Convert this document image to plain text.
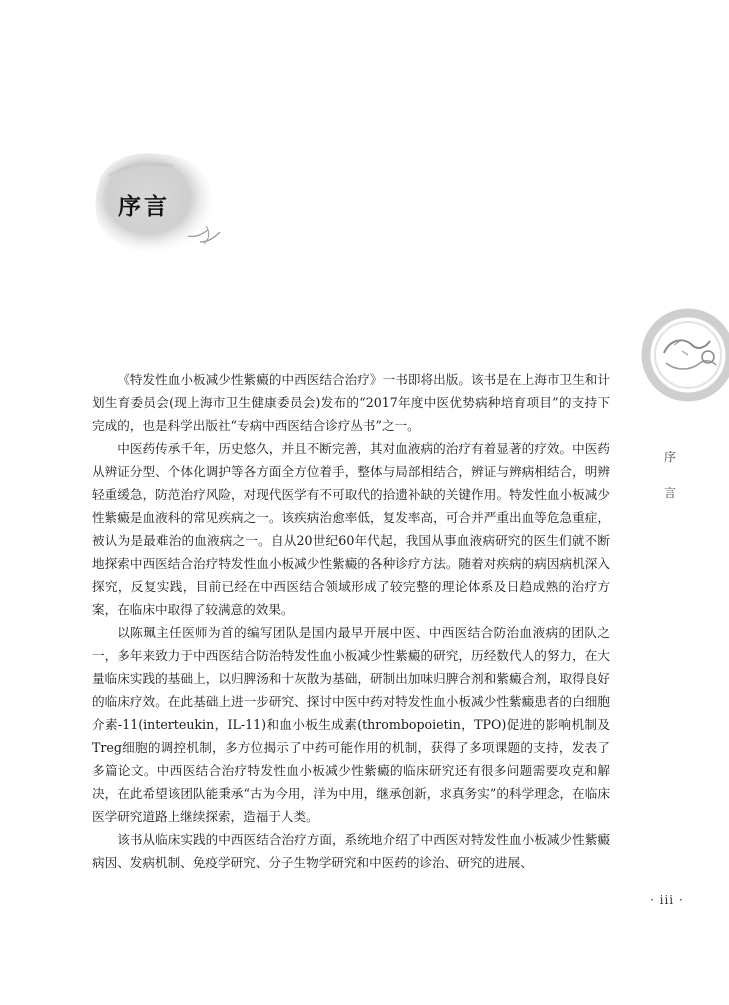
序言
序
言

《特发性血小板减少性紫癜的中西医结合治疗》一书即将出版。该书是在上海市卫生和计划生育委员会(现上海市卫生健康委员会)发布的“2017年度中医优势病种培育项目”的支持下完成的，也是科学出版社“专病中西医结合诊疗丛书”之一。

中医药传承千年，历史悠久，并且不断完善，其对血液病的治疗有着显著的疗效。中医药从辨证分型、个体化调护等各方面全方位着手，整体与局部相结合，辨证与辨病相结合，明辨轻重缓急，防范治疗风险，对现代医学有不可取代的拾遗补缺的关键作用。特发性血小板减少性紫癜是血液科的常见疾病之一。该疾病治愈率低，复发率高，可合并严重出血等危急重症，被认为是最难治的血液病之一。自从20世纪60年代起，我国从事血液病研究的医生们就不断地探索中西医结合治疗特发性血小板减少性紫癜的各种诊疗方法。随着对疾病的病因病机深入探究，反复实践，目前已经在中西医结合领域形成了较完整的理论体系及日趋成熟的治疗方案，在临床中取得了较满意的效果。

以陈珮主任医师为首的编写团队是国内最早开展中医、中西医结合防治血液病的团队之一，多年来致力于中西医结合防治特发性血小板减少性紫癜的研究，历经数代人的努力，在大量临床实践的基础上，以归脾汤和十灰散为基础，研制出加味归脾合剂和紫癜合剂，取得良好的临床疗效。在此基础上进一步研究、探讨中医中药对特发性血小板减少性紫癜患者的白细胞介素-11(interteukin，IL-11)和血小板生成素(thrombopoietin，TPO)促进的影响机制及Treg细胞的调控机制，多方位揭示了中药可能作用的机制，获得了多项课题的支持，发表了多篇论文。中西医结合治疗特发性血小板减少性紫癜的临床研究还有很多问题需要攻克和解决，在此希望该团队能秉承“古为今用，洋为中用，继承创新，求真务实”的科学理念，在临床医学研究道路上继续探索，造福于人类。

该书从临床实践的中西医结合治疗方面，系统地介绍了中西医对特发性血小板减少性紫癜病因、发病机制、免疫学研究、分子生物学研究和中医药的诊治、研究的进展、

· iii ·
